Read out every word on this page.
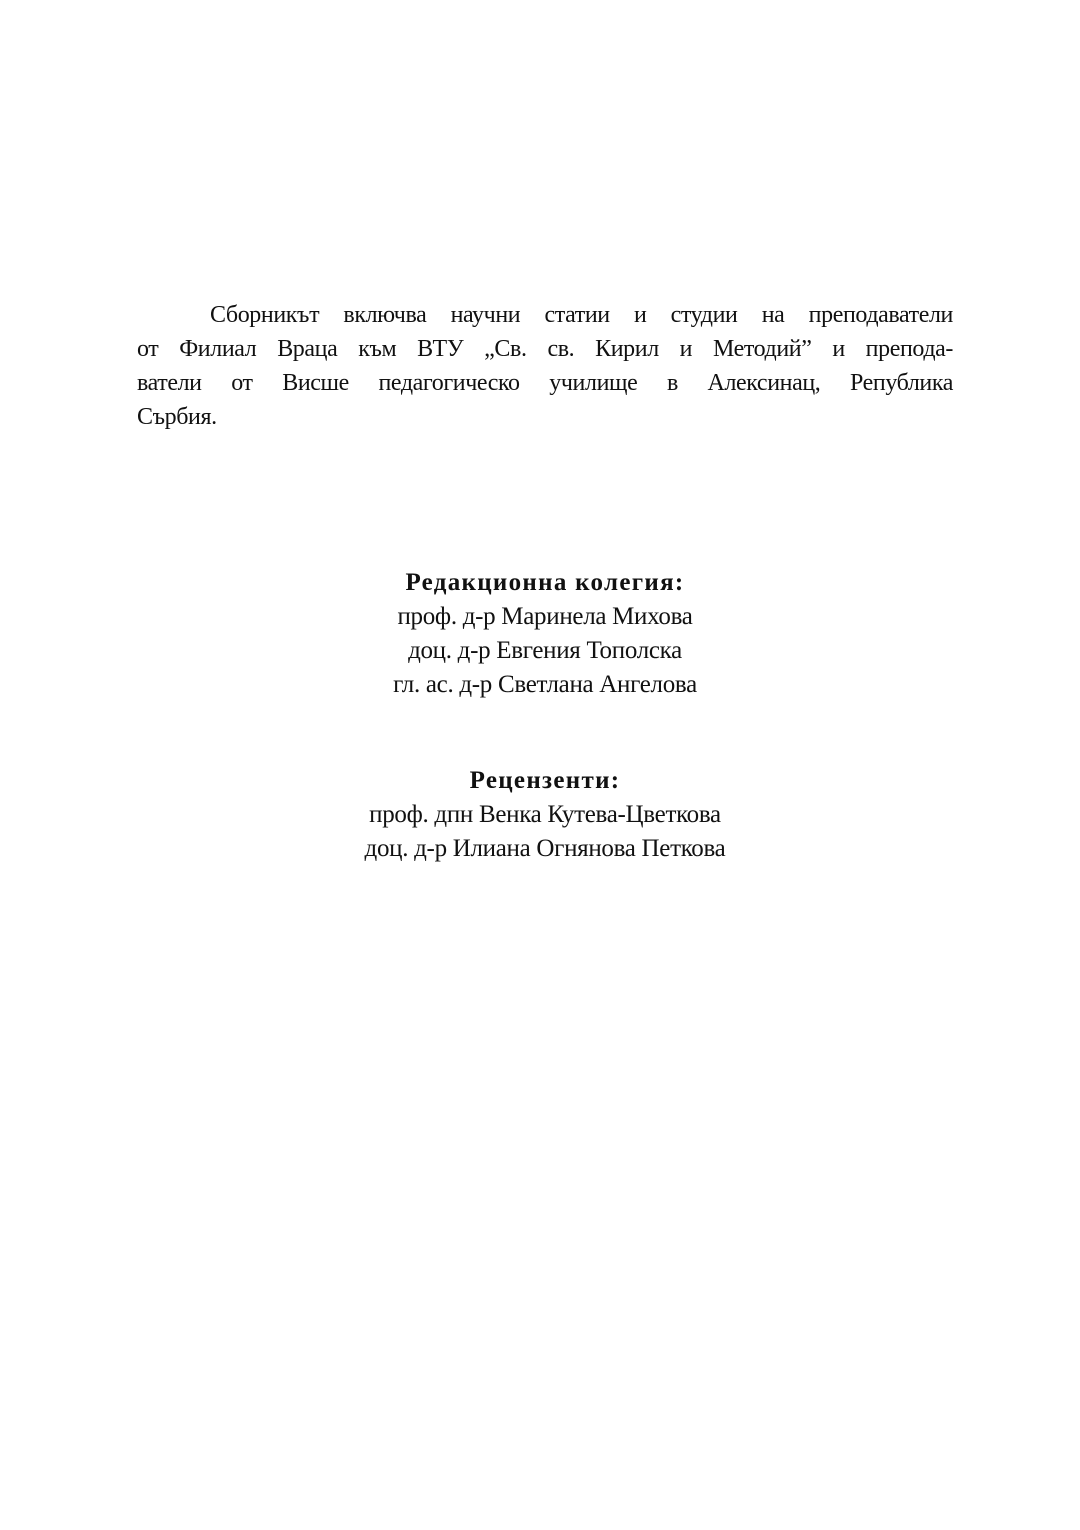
Сборникът включва научни статии и студии на преподаватели
от Филиал Враца към ВТУ „Св. св. Кирил и Методий” и препода-
ватели от Висше педагогическо училище в Алексинац, Република
Сърбия.
Редакционна колегия:
проф. д-р Маринела Михова
доц. д-р Евгения Тополска
гл. ас. д-р Светлана Ангелова
Рецензенти:
проф. дпн Венка Кутева-Цветкова
доц. д-р Илиана Огнянова Петкова
